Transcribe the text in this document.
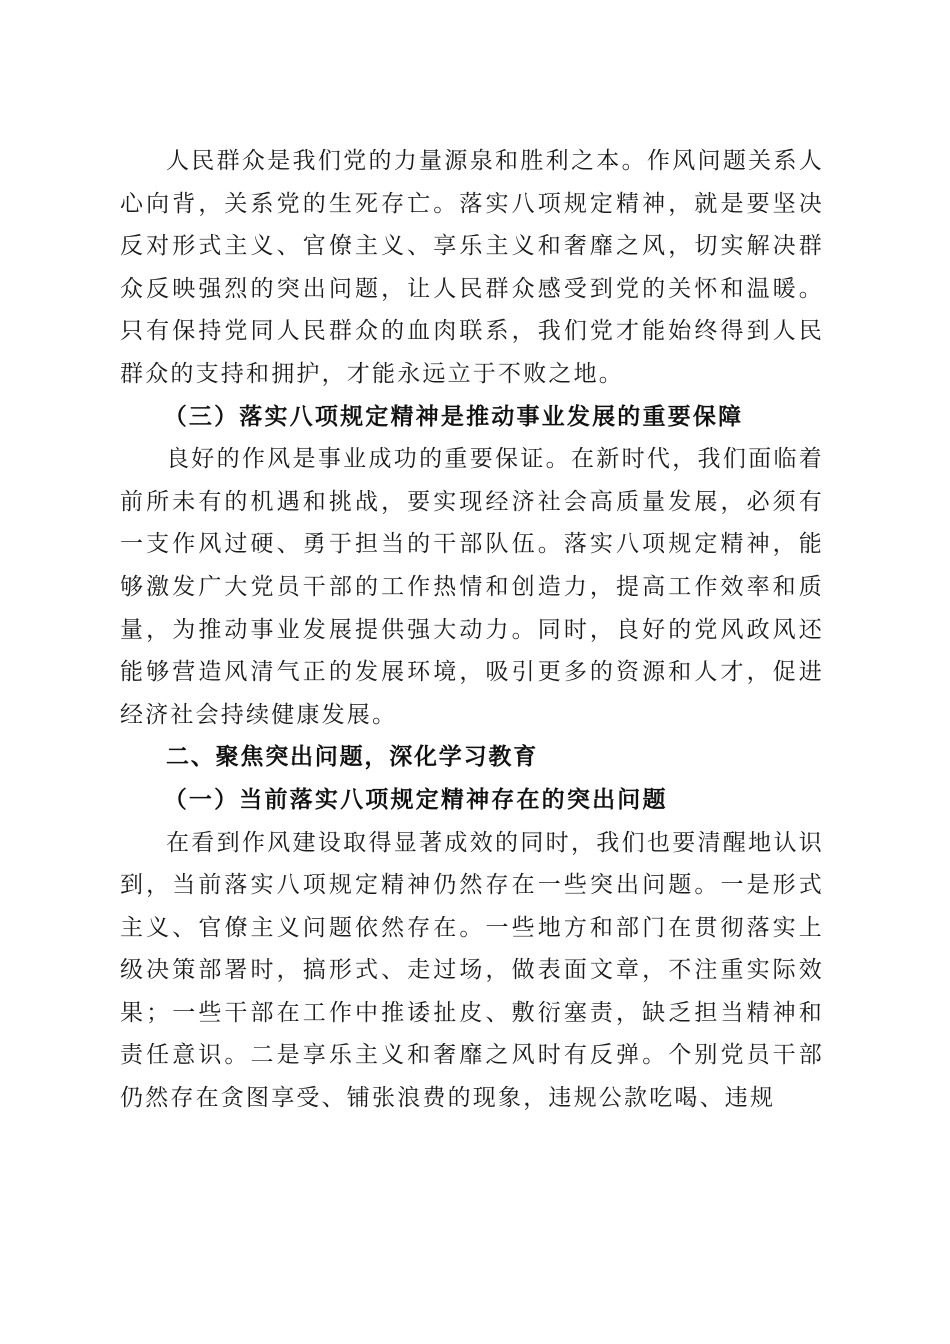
人民群众是我们党的力量源泉和胜利之本。作风问题关系人心向背，关系党的生死存亡。落实八项规定精神，就是要坚决反对形式主义、官僚主义、享乐主义和奢靡之风，切实解决群众反映强烈的突出问题，让人民群众感受到党的关怀和温暖。只有保持党同人民群众的血肉联系，我们党才能始终得到人民群众的支持和拥护，才能永远立于不败之地。

（三）落实八项规定精神是推动事业发展的重要保障

良好的作风是事业成功的重要保证。在新时代，我们面临着前所未有的机遇和挑战，要实现经济社会高质量发展，必须有一支作风过硬、勇于担当的干部队伍。落实八项规定精神，能够激发广大党员干部的工作热情和创造力，提高工作效率和质量，为推动事业发展提供强大动力。同时，良好的党风政风还能够营造风清气正的发展环境，吸引更多的资源和人才，促进经济社会持续健康发展。

二、聚焦突出问题，深化学习教育

（一）当前落实八项规定精神存在的突出问题

在看到作风建设取得显著成效的同时，我们也要清醒地认识到，当前落实八项规定精神仍然存在一些突出问题。一是形式主义、官僚主义问题依然存在。一些地方和部门在贯彻落实上级决策部署时，搞形式、走过场，做表面文章，不注重实际效果；一些干部在工作中推诿扯皮、敷衍塞责，缺乏担当精神和责任意识。二是享乐主义和奢靡之风时有反弹。个别党员干部仍然存在贪图享受、铺张浪费的现象，违规公款吃喝、违规
